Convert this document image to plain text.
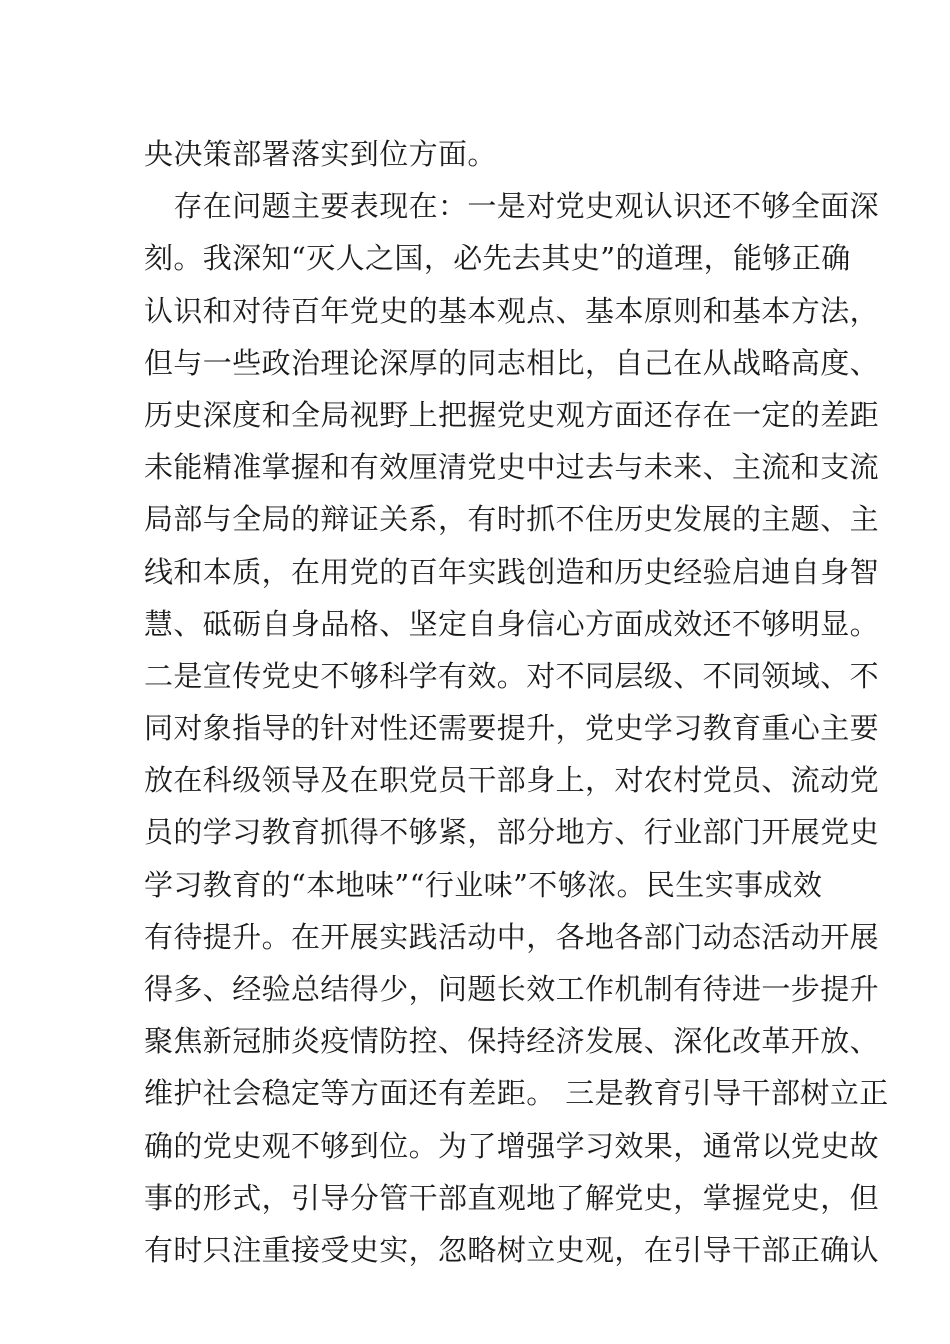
央决策部署落实到位方面。
　存在问题主要表现在：一是对党史观认识还不够全面深
刻。我深知“灭人之国，必先去其史”的道理，能够正确
认识和对待百年党史的基本观点、基本原则和基本方法，
但与一些政治理论深厚的同志相比，自己在从战略高度、
历史深度和全局视野上把握党史观方面还存在一定的差距
未能精准掌握和有效厘清党史中过去与未来、主流和支流
局部与全局的辩证关系，有时抓不住历史发展的主题、主
线和本质，在用党的百年实践创造和历史经验启迪自身智
慧、砥砺自身品格、坚定自身信心方面成效还不够明显。
二是宣传党史不够科学有效。对不同层级、不同领域、不
同对象指导的针对性还需要提升，党史学习教育重心主要
放在科级领导及在职党员干部身上，对农村党员、流动党
员的学习教育抓得不够紧，部分地方、行业部门开展党史
学习教育的“本地味”“行业味”不够浓。民生实事成效
有待提升。在开展实践活动中，各地各部门动态活动开展
得多、经验总结得少，问题长效工作机制有待进一步提升
聚焦新冠肺炎疫情防控、保持经济发展、深化改革开放、
维护社会稳定等方面还有差距。 三是教育引导干部树立正
确的党史观不够到位。为了增强学习效果，通常以党史故
事的形式，引导分管干部直观地了解党史，掌握党史，但
有时只注重接受史实，忽略树立史观，在引导干部正确认
